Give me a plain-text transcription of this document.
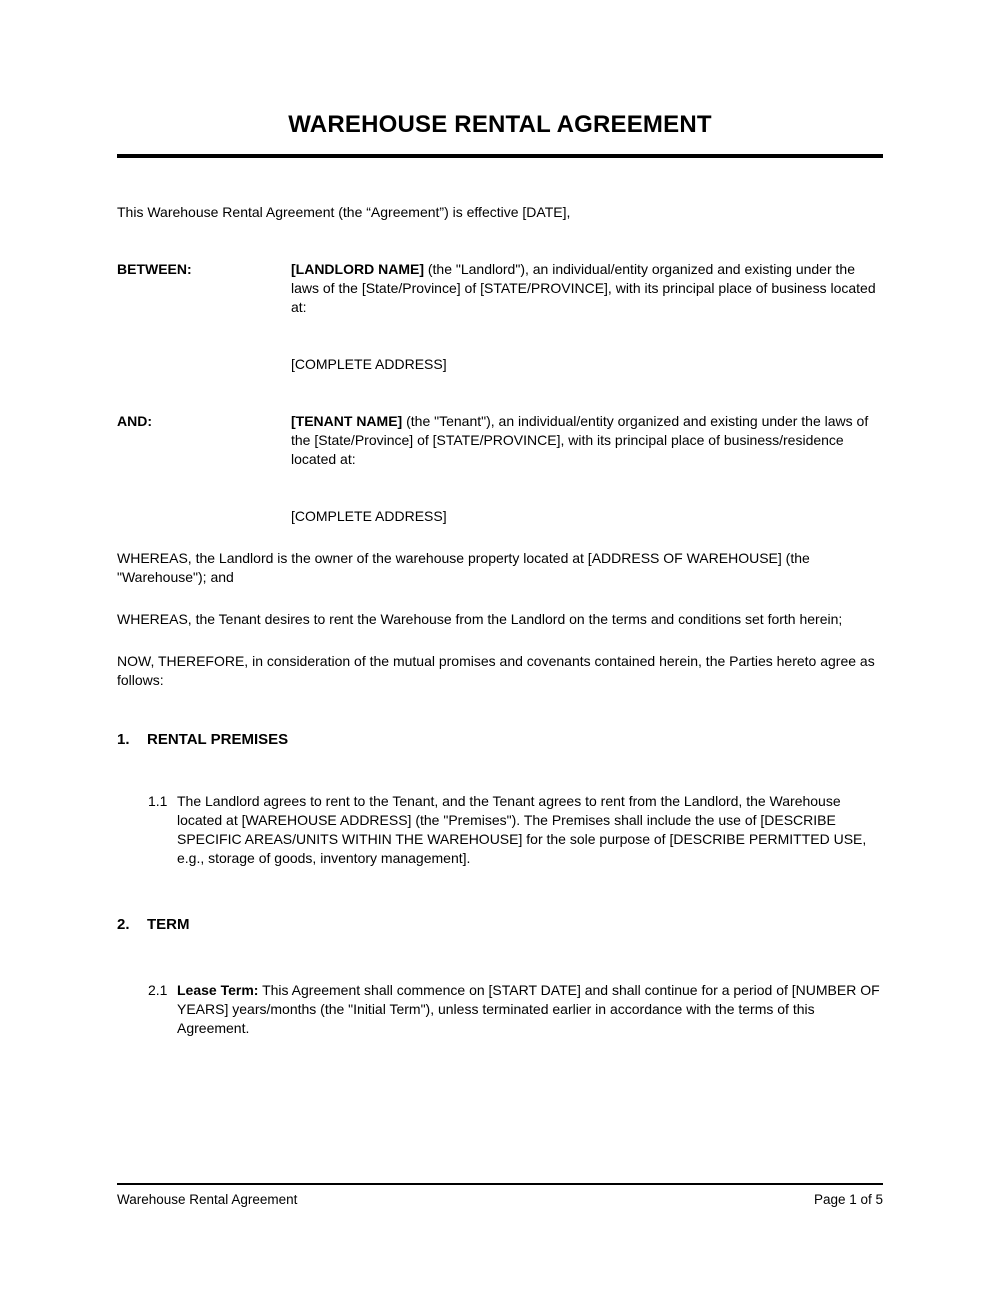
WAREHOUSE RENTAL AGREEMENT

This Warehouse Rental Agreement (the “Agreement”) is effective [DATE],

BETWEEN:	[LANDLORD NAME] (the "Landlord"), an individual/entity organized and existing under the laws of the [State/Province] of [STATE/PROVINCE], with its principal place of business located at:

[COMPLETE ADDRESS]

AND:	[TENANT NAME] (the "Tenant"), an individual/entity organized and existing under the laws of the [State/Province] of [STATE/PROVINCE], with its principal place of business/residence located at:

[COMPLETE ADDRESS]

WHEREAS, the Landlord is the owner of the warehouse property located at [ADDRESS OF WAREHOUSE] (the "Warehouse"); and

WHEREAS, the Tenant desires to rent the Warehouse from the Landlord on the terms and conditions set forth herein;

NOW, THEREFORE, in consideration of the mutual promises and covenants contained herein, the Parties hereto agree as follows:

1.	RENTAL PREMISES
1.1 The Landlord agrees to rent to the Tenant, and the Tenant agrees to rent from the Landlord, the Warehouse located at [WAREHOUSE ADDRESS] (the "Premises"). The Premises shall include the use of [DESCRIBE SPECIFIC AREAS/UNITS WITHIN THE WAREHOUSE] for the sole purpose of [DESCRIBE PERMITTED USE, e.g., storage of goods, inventory management].
2.	TERM
2.1 Lease Term: This Agreement shall commence on [START DATE] and shall continue for a period of [NUMBER OF YEARS] years/months (the "Initial Term"), unless terminated earlier in accordance with the terms of this Agreement.
Warehouse Rental Agreement	Page 1 of 5
